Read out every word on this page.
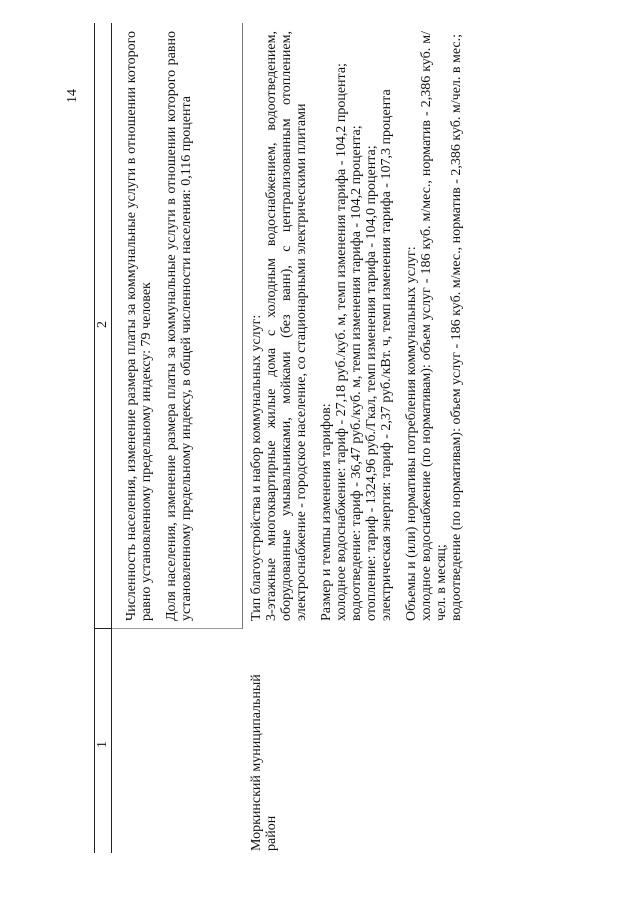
14
1
2 Численность населения, изменение размера платы за коммунальные услуги в отношении которого равно установленному предельному индексу: 79 человек Доля населения, изменение размера платы за коммунальные услуги в отношении которого равно установленному предельному индексу, в общей численности населения: 0,116 процента

Моркинский муниципальный район

Тип благоустройства и набор коммунальных услуг: 3-этажные многоквартирные жилые дома с холодным водоснабжением, водоотведением, оборудованные умывальниками, мойками (без ванн), с централизованным отоплением, электроснабжение - городское население, со стационарными электрическими плитами Размер и темпы изменения тарифов: холодное водоснабжение: тариф - 27,18 руб./куб. м, темп изменения тарифа - 104,2 процента; водоотведение: тариф - 36,47 руб./куб. м, темп изменения тарифа - 104,2 процента; отопление: тариф - 1324,96 руб./Гкал, темп изменения тарифа - 104,0 процента; электрическая энергия: тариф - 2,37 руб./кВт. ч, темп изменения тарифа - 107,3 процента Объемы и (или) нормативы потребления коммунальных услуг: холодное водоснабжение (по нормативам): объем услуг - 186 куб. м/мес., норматив - 2,386 куб. м/чел. в месяц; водоотведение (по нормативам): объем услуг - 186 куб. м/мес., норматив - 2,386 куб. м/чел. в мес.;
